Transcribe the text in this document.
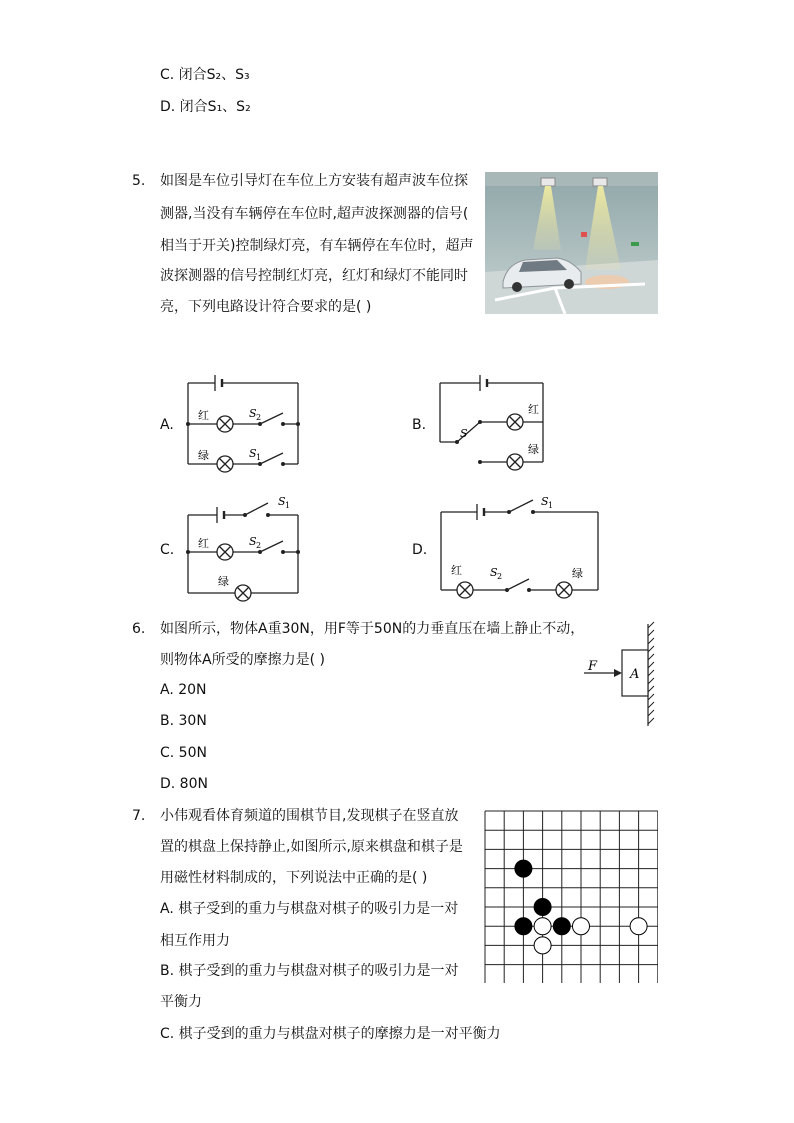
C. 闭合S₂、S₃
D. 闭合S₁、S₂
5. 如图是车位引导灯在车位上方安装有超声波车位探
测器,当没有车辆停在车位时,超声波探测器的信号(
相当于开关)控制绿灯亮，有车辆停在车位时，超声
波探测器的信号控制红灯亮，红灯和绿灯不能同时
亮，下列电路设计符合要求的是( )
A.	B.
C.	D.
红
绿
S 2
S 1
红
绿
S
S 1
红	S 2
绿
S 1
红	S 2	绿
6. 如图所示，物体A重30N，用F等于50N的力垂直压在墙上静止不动，
则物体A所受的摩擦力是( )
A. 20N
B. 30N
C. 50N
D. 80N
F
A
7. 小伟观看体育频道的围棋节目,发现棋子在竖直放
置的棋盘上保持静止,如图所示,原来棋盘和棋子是
用磁性材料制成的，下列说法中正确的是( )
A. 棋子受到的重力与棋盘对棋子的吸引力是一对
相互作用力
B. 棋子受到的重力与棋盘对棋子的吸引力是一对
平衡力
C. 棋子受到的重力与棋盘对棋子的摩擦力是一对平衡力
